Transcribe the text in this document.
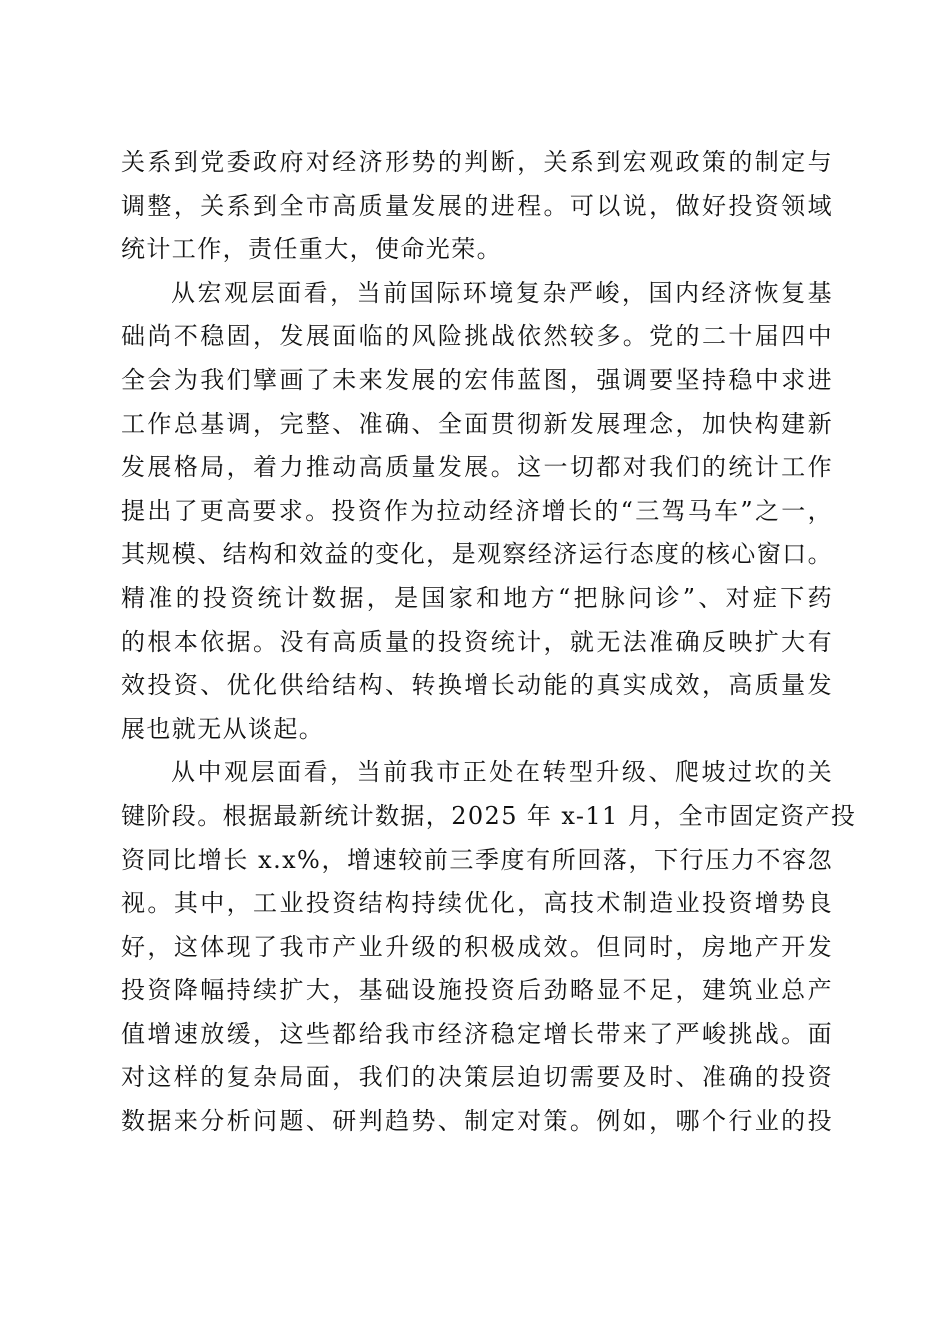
关系到党委政府对经济形势的判断，关系到宏观政策的制定与
调整，关系到全市高质量发展的进程。可以说，做好投资领域
统计工作，责任重大，使命光荣。
从宏观层面看，当前国际环境复杂严峻，国内经济恢复基
础尚不稳固，发展面临的风险挑战依然较多。党的二十届四中
全会为我们擘画了未来发展的宏伟蓝图，强调要坚持稳中求进
工作总基调，完整、准确、全面贯彻新发展理念，加快构建新
发展格局，着力推动高质量发展。这一切都对我们的统计工作
提出了更高要求。投资作为拉动经济增长的“三驾马车”之一，
其规模、结构和效益的变化，是观察经济运行态度的核心窗口。
精准的投资统计数据，是国家和地方“把脉问诊”、对症下药
的根本依据。没有高质量的投资统计，就无法准确反映扩大有
效投资、优化供给结构、转换增长动能的真实成效，高质量发
展也就无从谈起。
从中观层面看，当前我市正处在转型升级、爬坡过坎的关
键阶段。根据最新统计数据，2025 年 x-11 月，全市固定资产投
资同比增长 x.x%，增速较前三季度有所回落，下行压力不容忽
视。其中，工业投资结构持续优化，高技术制造业投资增势良
好，这体现了我市产业升级的积极成效。但同时，房地产开发
投资降幅持续扩大，基础设施投资后劲略显不足，建筑业总产
值增速放缓，这些都给我市经济稳定增长带来了严峻挑战。面
对这样的复杂局面，我们的决策层迫切需要及时、准确的投资
数据来分析问题、研判趋势、制定对策。例如，哪个行业的投
